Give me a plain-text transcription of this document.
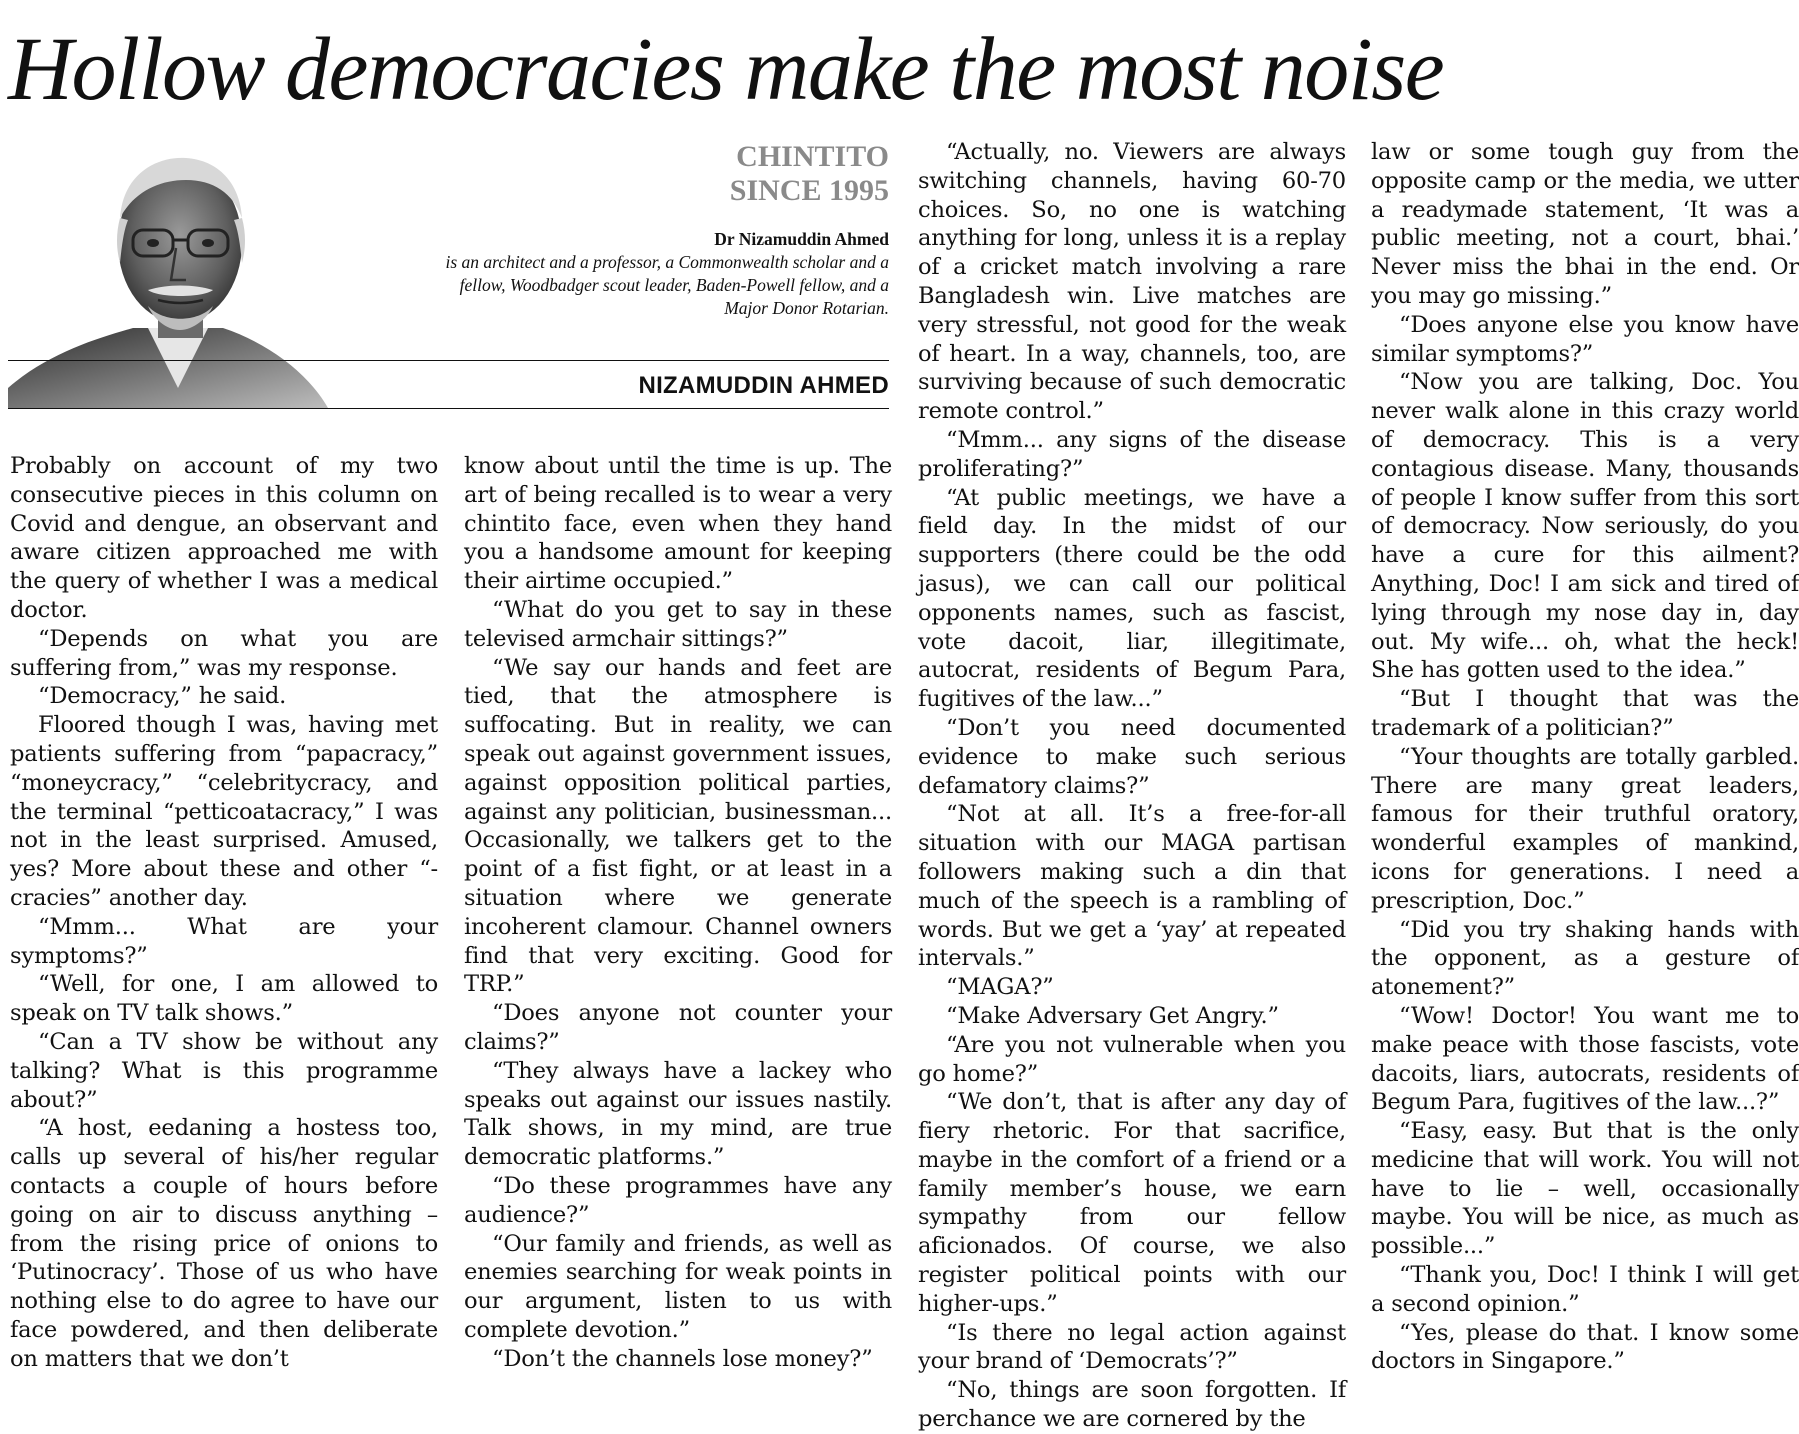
Hollow democracies make the most noise
CHINTITO
SINCE 1995
Dr Nizamuddin Ahmed
is an architect and a professor, a Commonwealth scholar and a fellow, Woodbadger scout leader, Baden-Powell fellow, and a Major Donor Rotarian.
NIZAMUDDIN AHMED

Probably on account of my two consecutive pieces in this column on Covid and dengue, an observant and aware citizen approached me with the query of whether I was a medical doctor.

“Depends on what you are suffering from,” was my response.

“Democracy,” he said.

Floored though I was, having met patients suffering from “papacracy,” “moneycracy,” “celebritycracy, and the terminal “petticoatacracy,” I was not in the least surprised. Amused, yes? More about these and other “-cracies” another day.

“Mmm... What are your symptoms?”

“Well, for one, I am allowed to speak on TV talk shows.”

“Can a TV show be without any talking? What is this programme about?”

“A host, eedaning a hostess too, calls up several of his/her regular contacts a couple of hours before going on air to discuss anything – from the rising price of onions to ‘Putinocracy’. Those of us who have nothing else to do agree to have our face powdered, and then deliberate on matters that we don’t

know about until the time is up. The art of being recalled is to wear a very chintito face, even when they hand you a handsome amount for keeping their airtime occupied.”

“What do you get to say in these televised armchair sittings?”

“We say our hands and feet are tied, that the atmosphere is suffocating. But in reality, we can speak out against government issues, against opposition political parties, against any politician, businessman... Occasionally, we talkers get to the point of a fist fight, or at least in a situation where we generate incoherent clamour. Channel owners find that very exciting. Good for TRP.”

“Does anyone not counter your claims?”

“They always have a lackey who speaks out against our issues nastily. Talk shows, in my mind, are true democratic platforms.”

“Do these programmes have any audience?”

“Our family and friends, as well as enemies searching for weak points in our argument, listen to us with complete devotion.”

“Don’t the channels lose money?”

“Actually, no. Viewers are always switching channels, having 60-70 choices. So, no one is watching anything for long, unless it is a replay of a cricket match involving a rare Bangladesh win. Live matches are very stressful, not good for the weak of heart. In a way, channels, too, are surviving because of such democratic remote control.”

“Mmm... any signs of the disease proliferating?”

“At public meetings, we have a field day. In the midst of our supporters (there could be the odd jasus), we can call our political opponents names, such as fascist, vote dacoit, liar, illegitimate, autocrat, residents of Begum Para, fugitives of the law...”

“Don’t you need documented evidence to make such serious defamatory claims?”

“Not at all. It’s a free-for-all situation with our MAGA partisan followers making such a din that much of the speech is a rambling of words. But we get a ‘yay’ at repeated intervals.”

“MAGA?”

“Make Adversary Get Angry.”

“Are you not vulnerable when you go home?”

“We don’t, that is after any day of fiery rhetoric. For that sacrifice, maybe in the comfort of a friend or a family member’s house, we earn sympathy from our fellow aficionados. Of course, we also register political points with our higher-ups.”

“Is there no legal action against your brand of ‘Democrats’?”

“No, things are soon forgotten. If perchance we are cornered by the

law or some tough guy from the opposite camp or the media, we utter a readymade statement, ‘It was a public meeting, not a court, bhai.’ Never miss the bhai in the end. Or you may go missing.”

“Does anyone else you know have similar symptoms?”

“Now you are talking, Doc. You never walk alone in this crazy world of democracy. This is a very contagious disease. Many, thousands of people I know suffer from this sort of democracy. Now seriously, do you have a cure for this ailment? Anything, Doc! I am sick and tired of lying through my nose day in, day out. My wife... oh, what the heck! She has gotten used to the idea.”

“But I thought that was the trademark of a politician?”

“Your thoughts are totally garbled. There are many great leaders, famous for their truthful oratory, wonderful examples of mankind, icons for generations. I need a prescription, Doc.”

“Did you try shaking hands with the opponent, as a gesture of atonement?”

“Wow! Doctor! You want me to make peace with those fascists, vote dacoits, liars, autocrats, residents of Begum Para, fugitives of the law...?”

“Easy, easy. But that is the only medicine that will work. You will not have to lie – well, occasionally maybe. You will be nice, as much as possible...”

“Thank you, Doc! I think I will get a second opinion.”

“Yes, please do that. I know some doctors in Singapore.”
